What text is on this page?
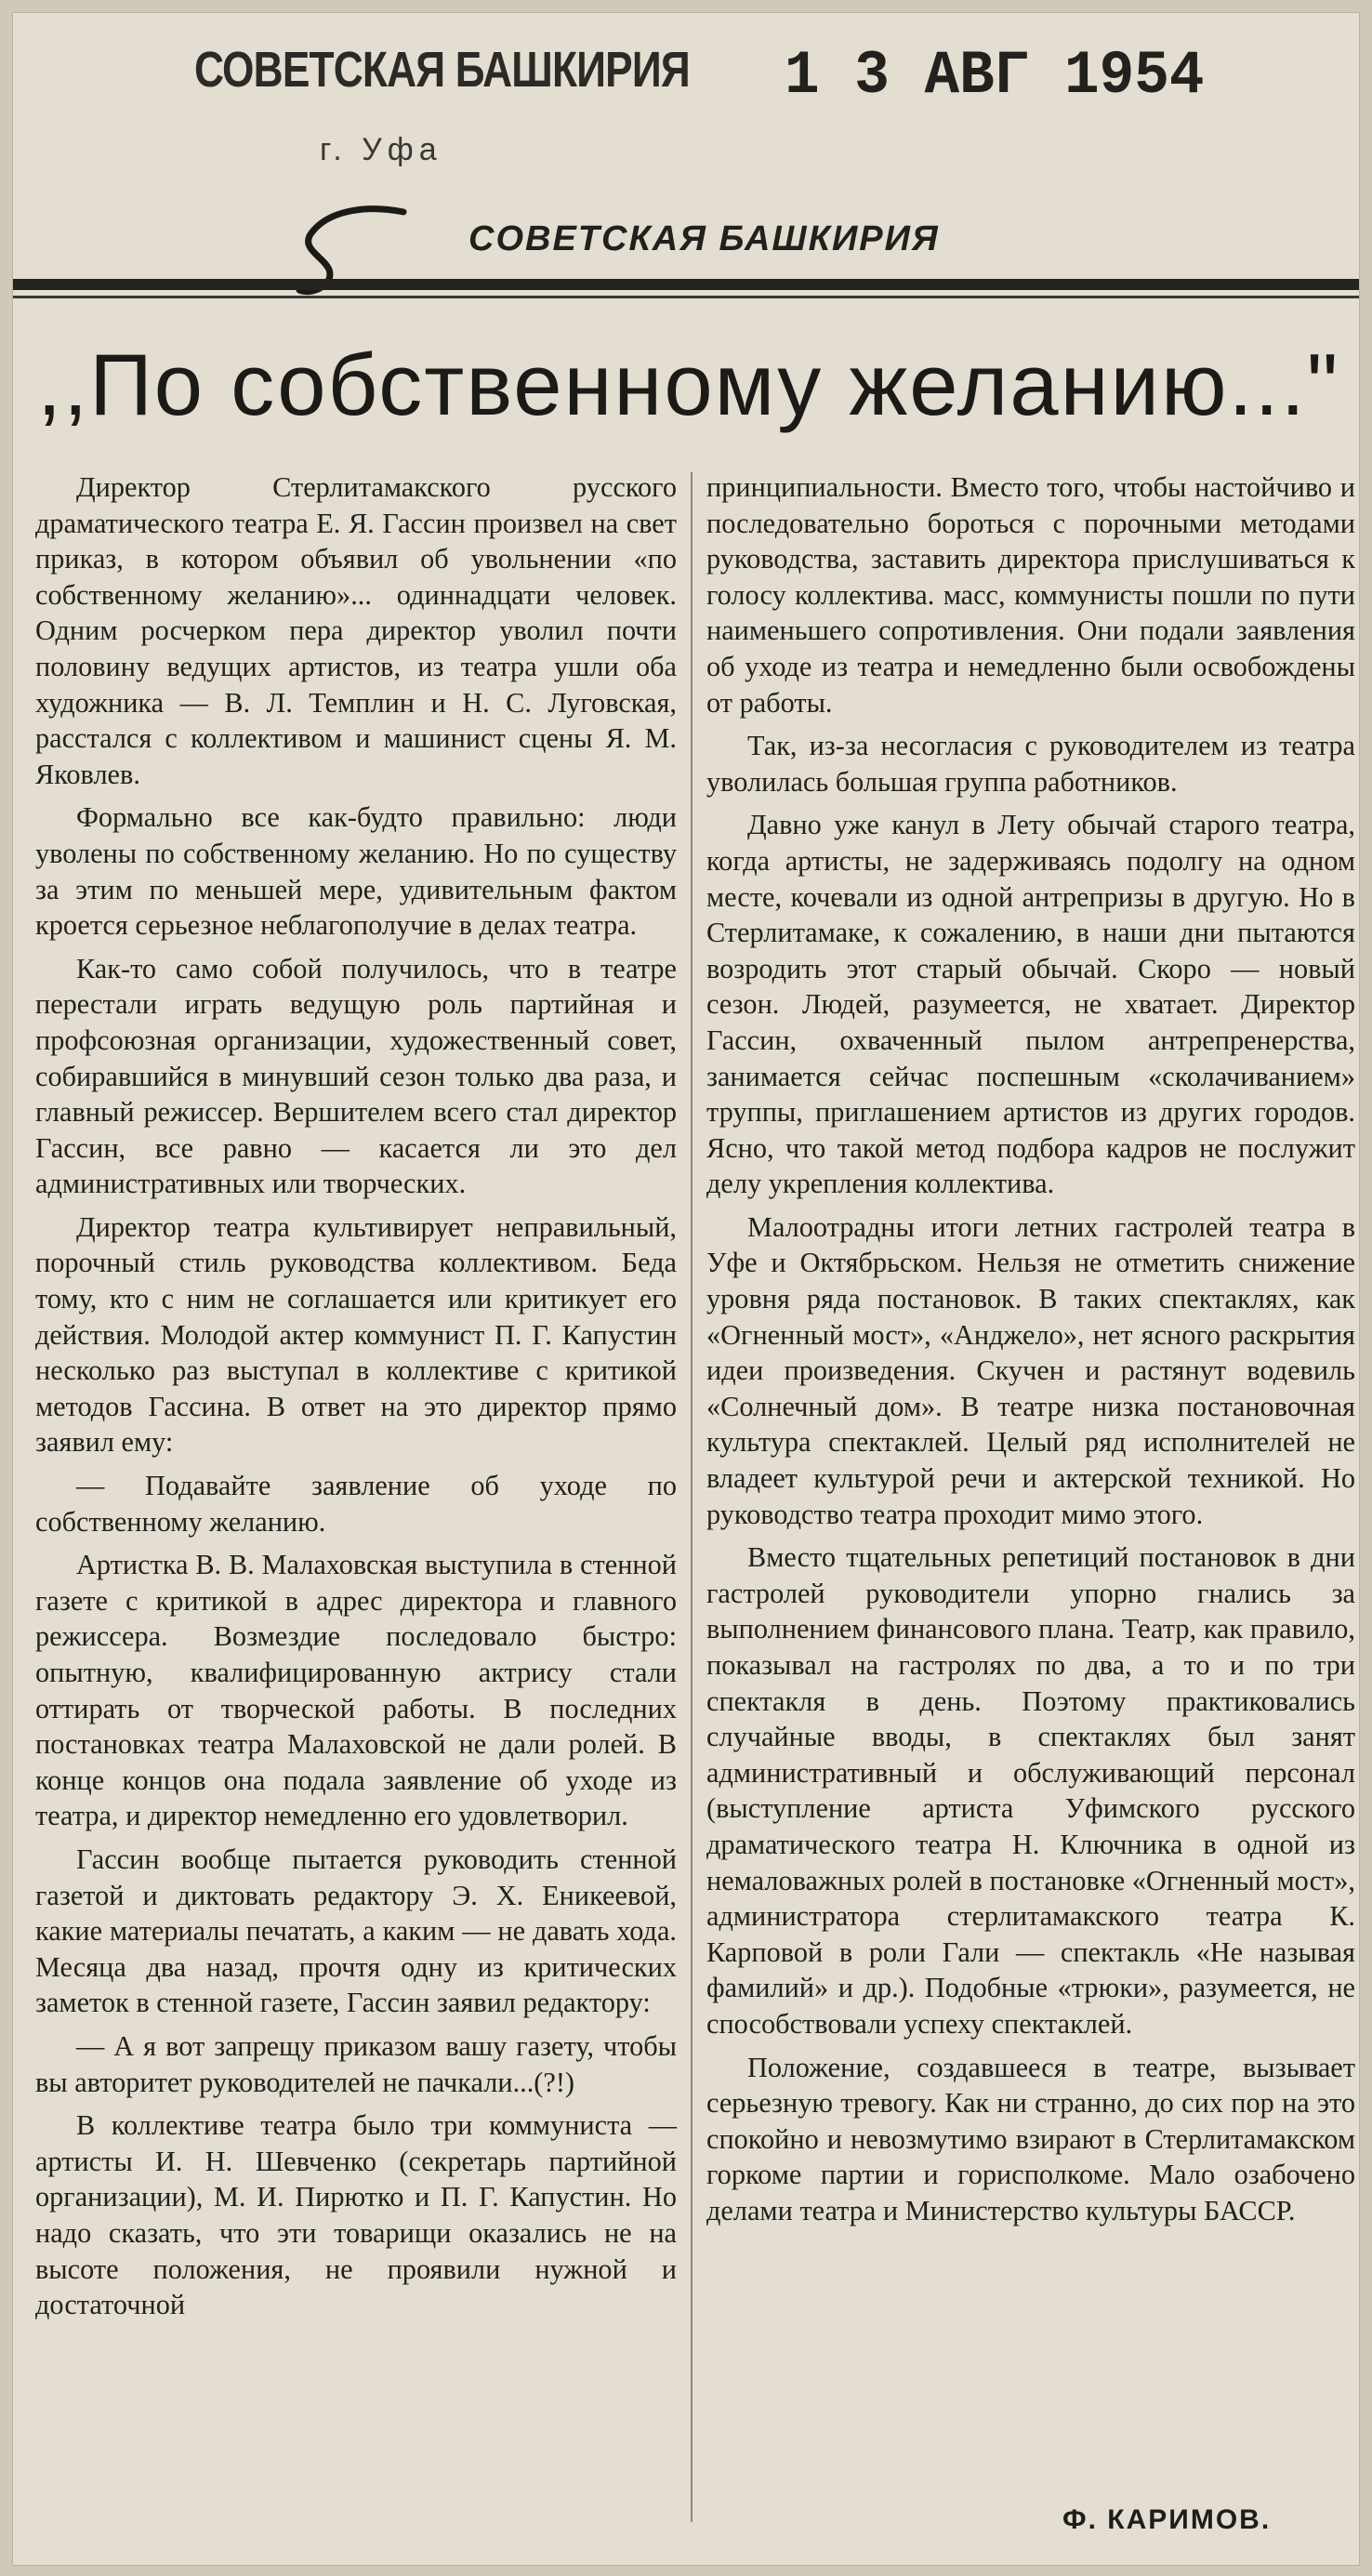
СОВЕТСКАЯ БАШКИРИЯ
г. Уфа
1 3 АВГ 1954
СОВЕТСКАЯ БАШКИРИЯ
,,По собственному желанию..."

Директор Стерлитамакского русского драматического театра Е. Я. Гассин произвел на свет приказ, в котором объявил об увольнении «по собственному желанию»... одиннадцати человек. Одним росчерком пера директор уволил почти половину ведущих артистов, из театра ушли оба художника — В. Л. Темплин и Н. С. Луговская, расстался с коллективом и машинист сцены Я. М. Яковлев.

Формально все как-будто правильно: люди уволены по собственному желанию. Но по существу за этим по меньшей мере, удивительным фактом кроется серьезное неблагополучие в делах театра.

Как-то само собой получилось, что в театре перестали играть ведущую роль партийная и профсоюзная организации, художественный совет, собиравшийся в минувший сезон только два раза, и главный режиссер. Вершителем всего стал директор Гассин, все равно — касается ли это дел административных или творческих.

Директор театра культивирует неправильный, порочный стиль руководства коллективом. Беда тому, кто с ним не соглашается или критикует его действия. Молодой актер коммунист П. Г. Капустин несколько раз выступал в коллективе с критикой методов Гассина. В ответ на это директор прямо заявил ему:

— Подавайте заявление об уходе по собственному желанию.

Артистка В. В. Малаховская выступила в стенной газете с критикой в адрес директора и главного режиссера. Возмездие последовало быстро: опытную, квалифицированную актрису стали оттирать от творческой работы. В последних постановках театра Малаховской не дали ролей. В конце концов она подала заявление об уходе из театра, и директор немедленно его удовлетворил.

Гассин вообще пытается руководить стенной газетой и диктовать редактору Э. Х. Еникеевой, какие материалы печатать, а каким — не давать хода. Месяца два назад, прочтя одну из критических заметок в стенной газете, Гассин заявил редактору:

— А я вот запрещу приказом вашу газету, чтобы вы авторитет руководителей не пачкали...(?!)

В коллективе театра было три коммуниста — артисты И. Н. Шевченко (секретарь партийной организации), М. И. Пирютко и П. Г. Капустин. Но надо сказать, что эти товарищи оказались не на высоте положения, не проявили нужной и достаточной

принципиальности. Вместо того, чтобы настойчиво и последовательно бороться с порочными методами руководства, заставить директора прислушиваться к голосу коллектива. масс, коммунисты пошли по пути наименьшего сопротивления. Они подали заявления об уходе из театра и немедленно были освобождены от работы.

Так, из-за несогласия с руководителем из театра уволилась большая группа работников.

Давно уже канул в Лету обычай старого театра, когда артисты, не задерживаясь подолгу на одном месте, кочевали из одной антрепризы в другую. Но в Стерлитамаке, к сожалению, в наши дни пытаются возродить этот старый обычай. Скоро — новый сезон. Людей, разумеется, не хватает. Директор Гассин, охваченный пылом антрепренерства, занимается сейчас поспешным «сколачиванием» труппы, приглашением артистов из других городов. Ясно, что такой метод подбора кадров не послужит делу укрепления коллектива.

Малоотрадны итоги летних гастролей театра в Уфе и Октябрьском. Нельзя не отметить снижение уровня ряда постановок. В таких спектаклях, как «Огненный мост», «Анджело», нет ясного раскрытия идеи произведения. Скучен и растянут водевиль «Солнечный дом». В театре низка постановочная культура спектаклей. Целый ряд исполнителей не владеет культурой речи и актерской техникой. Но руководство театра проходит мимо этого.

Вместо тщательных репетиций постановок в дни гастролей руководители упорно гнались за выполнением финансового плана. Театр, как правило, показывал на гастролях по два, а то и по три спектакля в день. Поэтому практиковались случайные вводы, в спектаклях был занят административный и обслуживающий персонал (выступление артиста Уфимского русского драматического театра Н. Ключника в одной из немаловажных ролей в постановке «Огненный мост», администратора стерлитамакского театра К. Карповой в роли Гали — спектакль «Не называя фамилий» и др.). Подобные «трюки», разумеется, не способствовали успеху спектаклей.

Положение, создавшееся в театре, вызывает серьезную тревогу. Как ни странно, до сих пор на это спокойно и невозмутимо взирают в Стерлитамакском горкоме партии и горисполкоме. Мало озабочено делами театра и Министерство культуры БАССР.

Ф. КАРИМОВ.
